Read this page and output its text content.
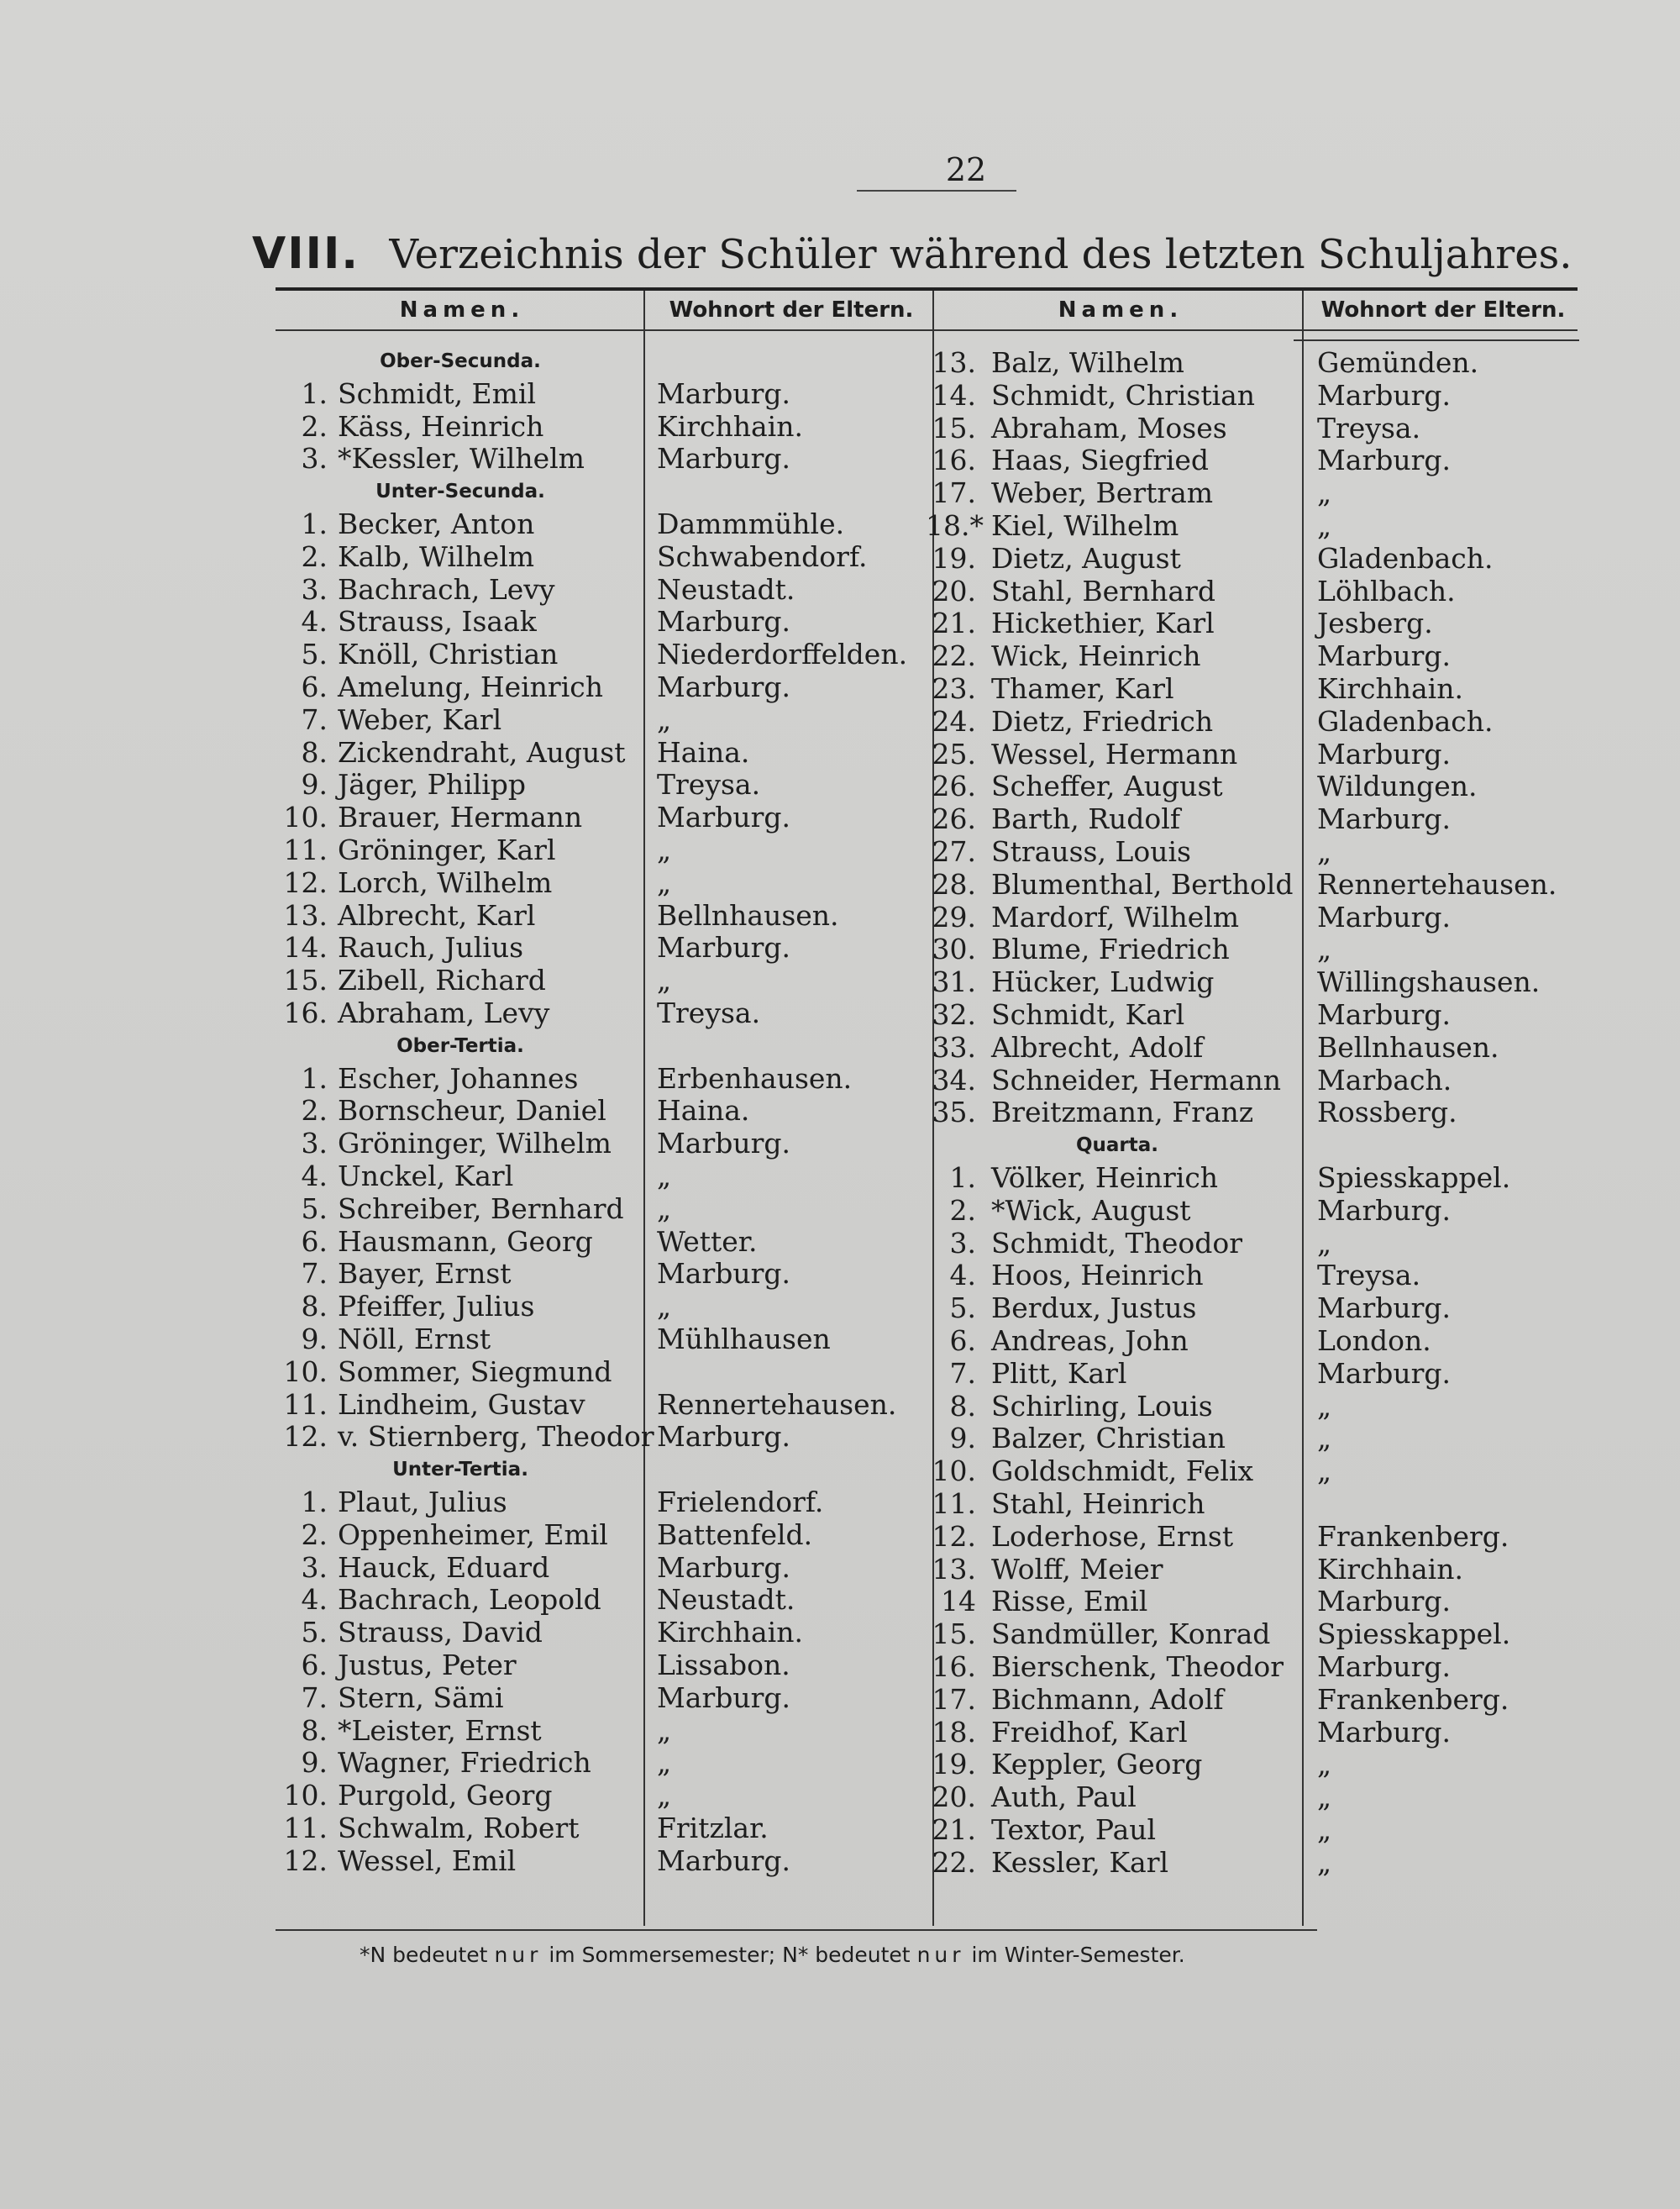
22
VIII. Verzeichnis der Schüler während des letzten Schuljahres.
Namen.	Wohnort der Eltern.	Namen.	Wohnort der Eltern.
Ober-Secunda.
1. Schmidt, Emil	Marburg.
2. Käss, Heinrich	Kirchhain.
3. *Kessler, Wilhelm	Marburg.
Unter-Secunda.
1. Becker, Anton	Dammmühle.
2. Kalb, Wilhelm	Schwabendorf.
3. Bachrach, Levy	Neustadt.
4. Strauss, Isaak	Marburg.
5. Knöll, Christian	Niederdorffelden.
6. Amelung, Heinrich Marburg.
7. Weber, Karl	„
8. Zickendraht, August Haina.
9. Jäger, Philipp	Treysa.
10. Brauer, Hermann	Marburg.
11. Gröninger, Karl	„
12. Lorch, Wilhelm	„
13. Albrecht, Karl	Bellnhausen.
14. Rauch, Julius	Marburg.
15. Zibell, Richard	„
16. Abraham, Levy	Treysa.
Ober-Tertia.
1. Escher, Johannes	Erbenhausen.
2. Bornscheur, Daniel Haina.
3. Gröninger, Wilhelm Marburg.
4. Unckel, Karl	„
5. Schreiber, Bernhard „
6. Hausmann, Georg Wetter.
7. Bayer, Ernst	Marburg.
8. Pfeiffer, Julius	„
9. Nöll, Ernst	Mühlhausen
10. Sommer, Siegmund
11. Lindheim, Gustav	Rennertehausen.
12. v. Stiernberg, Theodor Marburg.
Unter-Tertia.
1. Plaut, Julius	Frielendorf.
2. Oppenheimer, Emil Battenfeld.
3. Hauck, Eduard	Marburg.
4. Bachrach, Leopold Neustadt.
5. Strauss, David	Kirchhain.
6. Justus, Peter	Lissabon.
7. Stern, Sämi	Marburg.
8. *Leister, Ernst	„
9. Wagner, Friedrich „
10. Purgold, Georg	„
11. Schwalm, Robert	Fritzlar.
12. Wessel, Emil	Marburg.
13. Balz, Wilhelm	Gemünden.
14. Schmidt, Christian Marburg.
15. Abraham, Moses	Treysa.
16. Haas, Siegfried	Marburg.
17. Weber, Bertram	„
18.* Kiel, Wilhelm	„
19. Dietz, August	Gladenbach.
20. Stahl, Bernhard	Löhlbach.
21. Hickethier, Karl	Jesberg.
22. Wick, Heinrich	Marburg.
23. Thamer, Karl	Kirchhain.
24. Dietz, Friedrich	Gladenbach.
25. Wessel, Hermann	Marburg.
26. Scheffer, August	Wildungen.
26. Barth, Rudolf	Marburg.
27. Strauss, Louis	„
28. Blumenthal, Berthold Rennertehausen.
29. Mardorf, Wilhelm	Marburg.
30. Blume, Friedrich	„
31. Hücker, Ludwig	Willingshausen.
32. Schmidt, Karl	Marburg.
33. Albrecht, Adolf	Bellnhausen.
34. Schneider, Hermann Marbach.
35. Breitzmann, Franz Rossberg.
Quarta.
1. Völker, Heinrich	Spiesskappel.
2. *Wick, August	Marburg.
3. Schmidt, Theodor	„
4. Hoos, Heinrich	Treysa.
5. Berdux, Justus	Marburg.
6. Andreas, John	London.
7. Plitt, Karl	Marburg.
8. Schirling, Louis	„
9. Balzer, Christian	„
10. Goldschmidt, Felix „
11. Stahl, Heinrich
12. Loderhose, Ernst	Frankenberg.
13. Wolff, Meier	Kirchhain.
14 Risse, Emil	Marburg.
15. Sandmüller, Konrad Spiesskappel.
16. Bierschenk, Theodor Marburg.
17. Bichmann, Adolf	Frankenberg.
18. Freidhof, Karl	Marburg.
19. Keppler, Georg	„
20. Auth, Paul	„
21. Textor, Paul	„
22. Kessler, Karl	„
*N bedeutet nur im Sommersemester; N* bedeutet nur im Winter-Semester.
